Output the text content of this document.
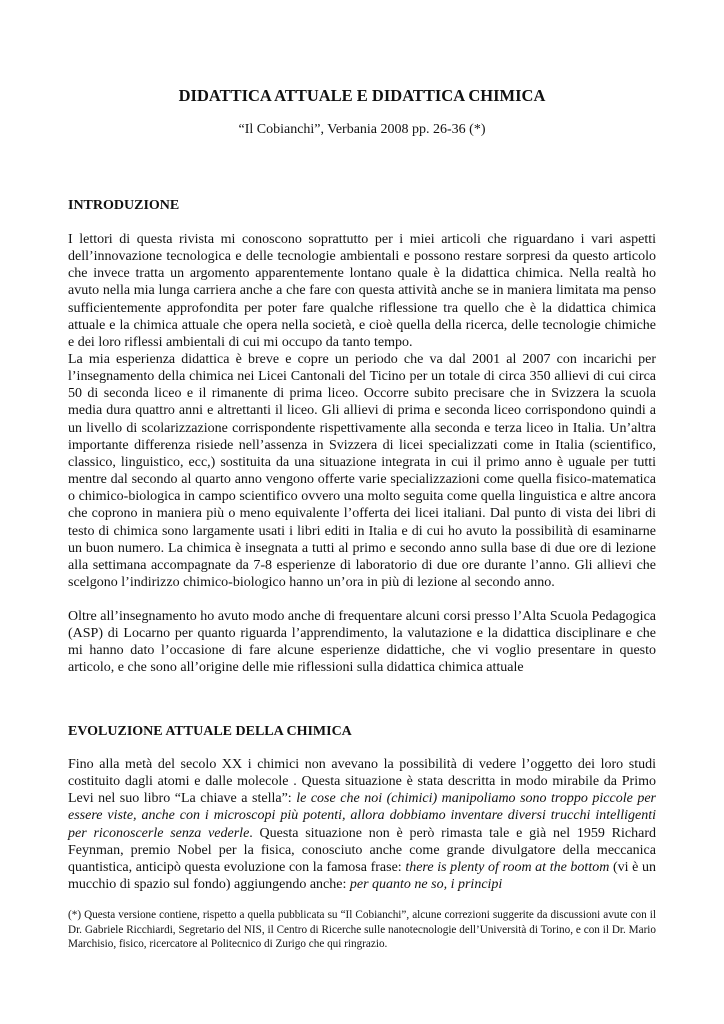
DIDATTICA ATTUALE E DIDATTICA CHIMICA

“Il Cobianchi”, Verbania 2008 pp. 26-36 (*)

INTRODUZIONE

I lettori di questa rivista mi conoscono soprattutto per i miei articoli che riguardano i vari aspetti dell’innovazione tecnologica e delle tecnologie ambientali e possono restare sorpresi da questo articolo che invece tratta un argomento apparentemente lontano quale è la didattica chimica. Nella realtà ho avuto nella mia lunga carriera anche a che fare con questa attività anche se in maniera limitata ma penso sufficientemente approfondita per poter fare qualche riflessione tra quello che è la didattica chimica attuale e la chimica attuale che opera nella società, e cioè quella della ricerca, delle tecnologie chimiche e dei loro riflessi ambientali di cui mi occupo da tanto tempo.

La mia esperienza didattica è breve e copre un periodo che va dal 2001 al 2007 con incarichi per l’insegnamento della chimica nei Licei Cantonali del Ticino per un totale di circa 350 allievi di cui circa 50 di seconda liceo e il rimanente di prima liceo. Occorre subito precisare che in Svizzera la scuola media dura quattro anni e altrettanti il liceo. Gli allievi di prima e seconda liceo corrispondono quindi a un livello di scolarizzazione corrispondente rispettivamente alla seconda e terza liceo in Italia. Un’altra importante differenza risiede nell’assenza in Svizzera di licei specializzati come in Italia (scientifico, classico, linguistico, ecc,) sostituita da una situazione integrata in cui il primo anno è uguale per tutti mentre dal secondo al quarto anno vengono offerte varie specializzazioni come quella fisico-matematica o chimico-biologica in campo scientifico ovvero una molto seguita come quella linguistica e altre ancora che coprono in maniera più o meno equivalente l’offerta dei licei italiani. Dal punto di vista dei libri di testo di chimica sono largamente usati i libri editi in Italia e di cui ho avuto la possibilità di esaminarne un buon numero. La chimica è insegnata a tutti al primo e secondo anno sulla base di due ore di lezione alla settimana accompagnate da 7-8 esperienze di laboratorio di due ore durante l’anno. Gli allievi che scelgono l’indirizzo chimico-biologico hanno un’ora in più di lezione al secondo anno.

Oltre all’insegnamento ho avuto modo anche di frequentare alcuni corsi presso l’Alta Scuola Pedagogica (ASP) di Locarno per quanto riguarda l’apprendimento, la valutazione e la didattica disciplinare e che mi hanno dato l’occasione di fare alcune esperienze didattiche, che vi voglio presentare in questo articolo, e che sono all’origine delle mie riflessioni sulla didattica chimica attuale

EVOLUZIONE ATTUALE DELLA CHIMICA

Fino alla metà del secolo XX i chimici non avevano la possibilità di vedere l’oggetto dei loro studi costituito dagli atomi e dalle molecole . Questa situazione è stata descritta in modo mirabile da Primo Levi nel suo libro “La chiave a stella”: le cose che noi (chimici) manipoliamo sono troppo piccole per essere viste, anche con i microscopi più potenti, allora dobbiamo inventare diversi trucchi intelligenti per riconoscerle senza vederle. Questa situazione non è però rimasta tale e già nel 1959 Richard Feynman, premio Nobel per la fisica, conosciuto anche come grande divulgatore della meccanica quantistica, anticipò questa evoluzione con la famosa frase: there is plenty of room at the bottom (vi è un mucchio di spazio sul fondo) aggiungendo anche: per quanto ne so, i principi

(*) Questa versione contiene, rispetto a quella pubblicata su “Il Cobianchi”, alcune correzioni suggerite da discussioni avute con il Dr. Gabriele Ricchiardi, Segretario del NIS, il Centro di Ricerche sulle nanotecnologie dell’Università di Torino, e con il Dr. Mario Marchisio, fisico, ricercatore al Politecnico di Zurigo che qui ringrazio.
